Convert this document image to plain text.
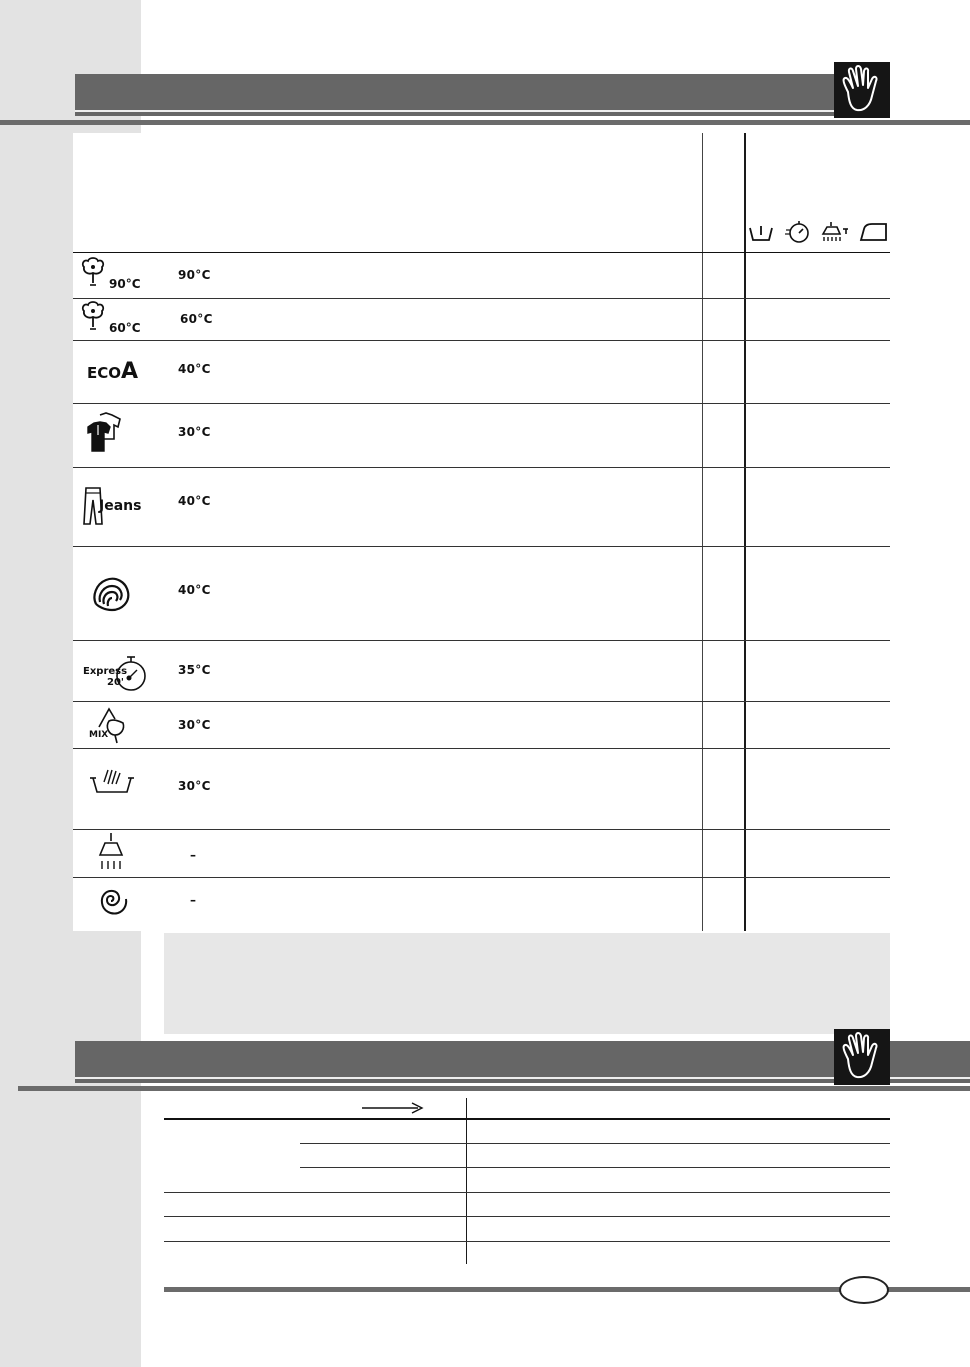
90°C
90°C
60°C
60°C
ECO A	40°C
30°C
Jeans	40°C
40°C
Express
20'
35°C
MIX
30°C
30°C
–
–
